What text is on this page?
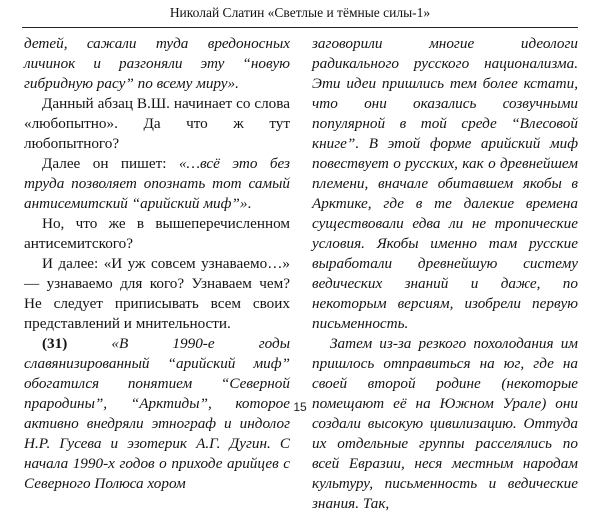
Николай Слатин «Светлые и тёмные силы-1»

детей, сажали туда вредоносных личинок и разгоняли эту “новую гибридную расу” по всему миру».

Данный абзац В.Ш. начинает со слова «любопытно». Да что ж тут любопытного?

Далее он пишет: «…всё это без труда позволяет опознать тот самый антисемитский “арийский миф”».

Но, что же в вышеперечисленном антисемитского?

И далее: «И уж совсем узнаваемо…» — узнаваемо для кого? Узнаваем чем? Не следует приписывать всем своих представлений и мнительности.

(31) «В 1990-е годы славянизированный “арийский миф” обогатился понятием “Северной прародины”, “Арктиды”, которое активно внедряли этнограф и индолог Н.Р. Гусева и эзотерик А.Г. Дугин. С начала 1990-х годов о приходе арийцев с Северного Полюса хором

заговорили многие идеологи радикального русского национализма. Эти идеи пришлись тем более кстати, что они оказались созвучными популярной в той среде “Влесовой книге”. В этой форме арийский миф повествует о русских, как о древнейшем племени, вначале обитавшем якобы в Арктике, где в те далекие времена существовали едва ли не тропические условия. Якобы именно там русские выработали древнейшую систему ведических знаний и даже, по некоторым версиям, изобрели первую письменность.

Затем из-за резкого похолодания им пришлось отправиться на юг, где на своей второй родине (некоторые помещают её на Южном Урале) они создали высокую цивилизацию. Оттуда их отдельные группы расселялись по всей Евразии, неся местным народам культуру, письменность и ведические знания. Так,

15
